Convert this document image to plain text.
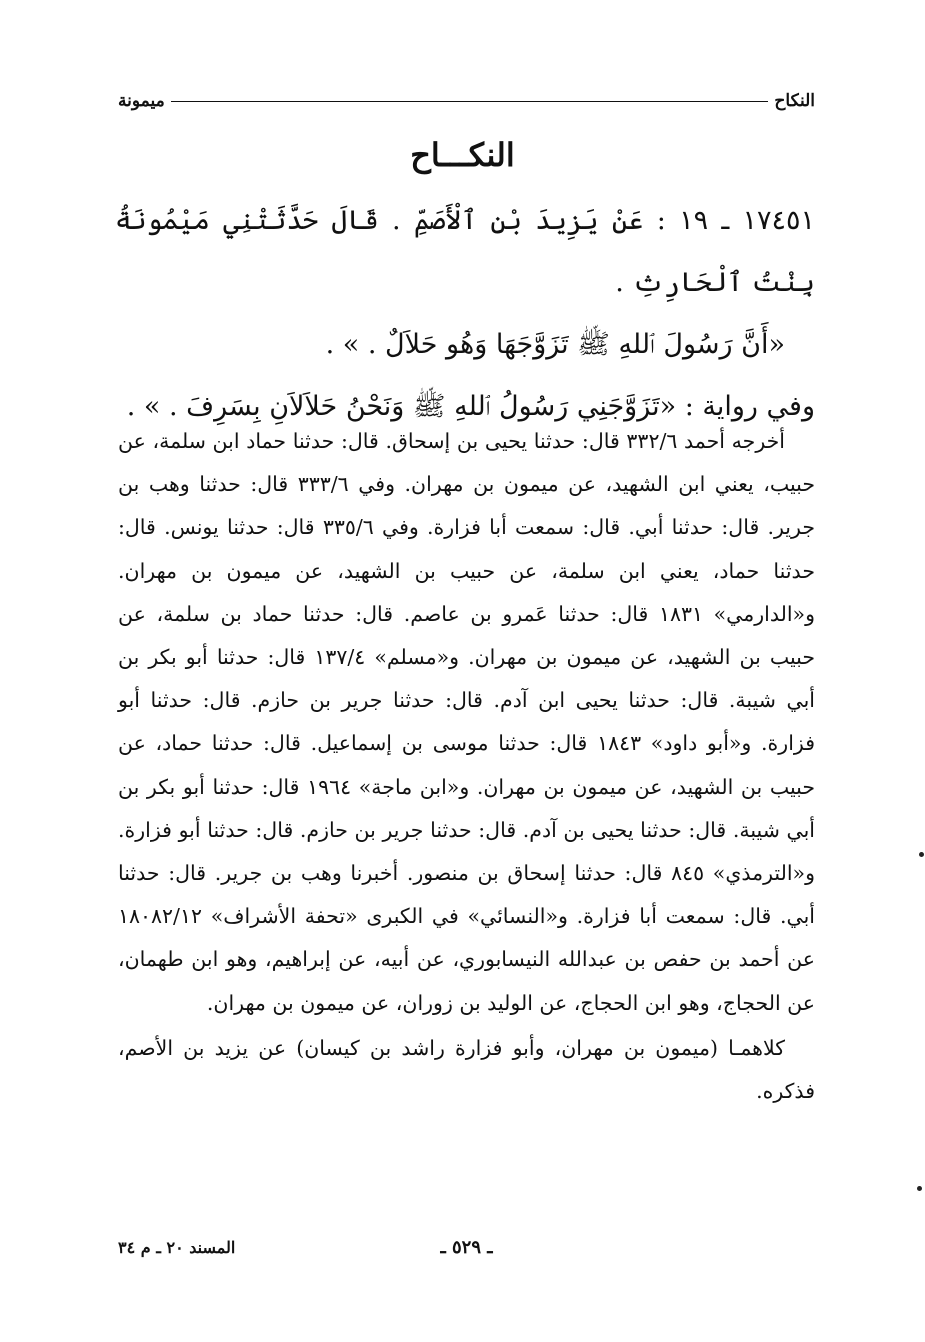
النكاح
ميمونة
النكـــاح

١٧٤٥١ ـ ١٩ : عَنْ يَزِيدَ بْنِ ٱلْأَصَمِّ . قَالَ حَدَّثَتْنِي مَيْمُونَةُ بِنْتُ ٱلْحَارِثِ .

«أَنَّ رَسُولَ ٱللهِ ﷺ تَزَوَّجَهَا وَهُو حَلاَلٌ . » .

وفي رواية : «تَزَوَّجَنِي رَسُولُ ٱللهِ ﷺ وَنَحْنُ حَلاَلاَنِ بِسَرِفَ . » .

أخرجه أحمد ٣٣٢/٦ قال: حدثنا يحيى بن إسحاق. قال: حدثنا حماد ابن سلمة، عن حبيب، يعني ابن الشهيد، عن ميمون بن مهران. وفي ٣٣٣/٦ قال: حدثنا وهب بن جرير. قال: حدثنا أبي. قال: سمعت أبا فزارة. وفي ٣٣٥/٦ قال: حدثنا يونس. قال: حدثنا حماد، يعني ابن سلمة، عن حبيب بن الشهيد، عن ميمون بن مهران. و«الدارمي» ١٨٣١ قال: حدثنا عَمرو بن عاصم. قال: حدثنا حماد بن سلمة، عن حبيب بن الشهيد، عن ميمون بن مهران. و«مسلم» ١٣٧/٤ قال: حدثنا أبو بكر بن أبي شيبة. قال: حدثنا يحيى ابن آدم. قال: حدثنا جرير بن حازم. قال: حدثنا أبو فزارة. و«أبو داود» ١٨٤٣ قال: حدثنا موسى بن إسماعيل. قال: حدثنا حماد، عن حبيب بن الشهيد، عن ميمون بن مهران. و«ابن ماجة» ١٩٦٤ قال: حدثنا أبو بكر بن أبي شيبة. قال: حدثنا يحيى بن آدم. قال: حدثنا جرير بن حازم. قال: حدثنا أبو فزارة. و«الترمذي» ٨٤٥ قال: حدثنا إسحاق بن منصور. أخبرنا وهب بن جرير. قال: حدثنا أبي. قال: سمعت أبا فزارة. و«النسائي» في الكبرى «تحفة الأشراف» ١٨٠٨٢/١٢ عن أحمد بن حفص بن عبدالله النيسابوري، عن أبيه، عن إبراهيم، وهو ابن طهمان، عن الحجاج، وهو ابن الحجاج، عن الوليد بن زوران، عن ميمون بن مهران.

كلاهمـا (ميمون بن مهران، وأبو فزارة راشد بن كيسان) عن يزيد بن الأصم، فذكره.

ـ ٥٢٩ ـ
المسند ٢٠ ـ م ٣٤
